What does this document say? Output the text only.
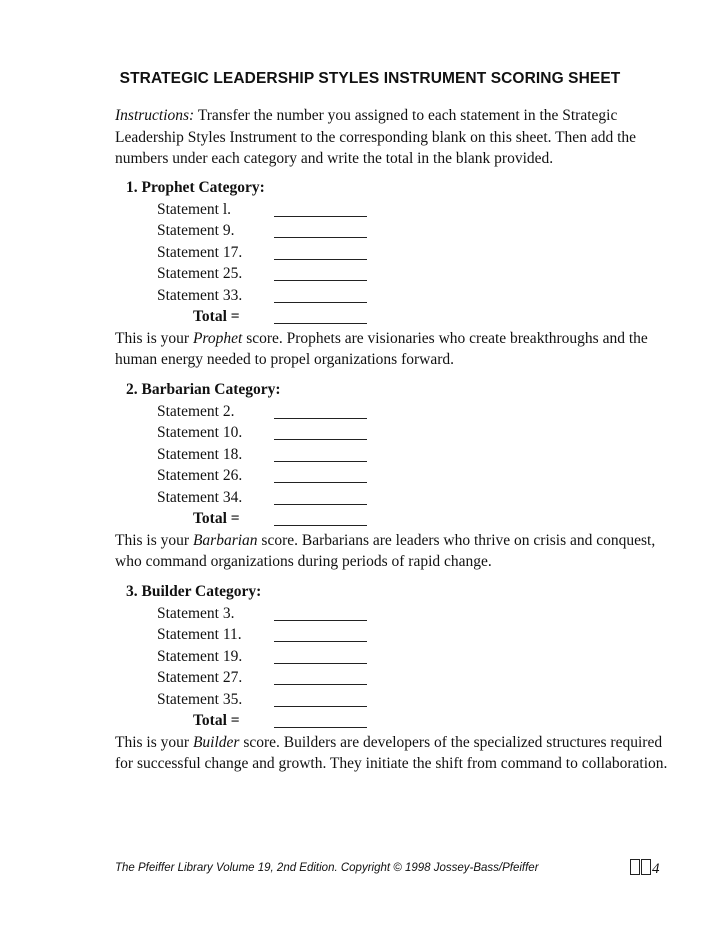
STRATEGIC LEADERSHIP STYLES INSTRUMENT SCORING SHEET
Instructions: Transfer the number you assigned to each statement in the Strategic Leadership Styles Instrument to the corresponding blank on this sheet. Then add the numbers under each category and write the total in the blank provided.
1. Prophet Category:
Statement l.
Statement 9.
Statement 17.
Statement 25.
Statement 33.
Total =
This is your Prophet score. Prophets are visionaries who create breakthroughs and the human energy needed to propel organizations forward.
2. Barbarian Category:
Statement 2.
Statement 10.
Statement 18.
Statement 26.
Statement 34.
Total =
This is your Barbarian score. Barbarians are leaders who thrive on crisis and conquest, who command organizations during periods of rapid change.
3. Builder Category:
Statement 3.
Statement 11.
Statement 19.
Statement 27.
Statement 35.
Total =
This is your Builder score. Builders are developers of the specialized structures required for successful change and growth. They initiate the shift from command to collaboration.
The Pfeiffer Library Volume 19, 2nd Edition. Copyright © 1998 Jossey-Bass/Pfeiffer	4
